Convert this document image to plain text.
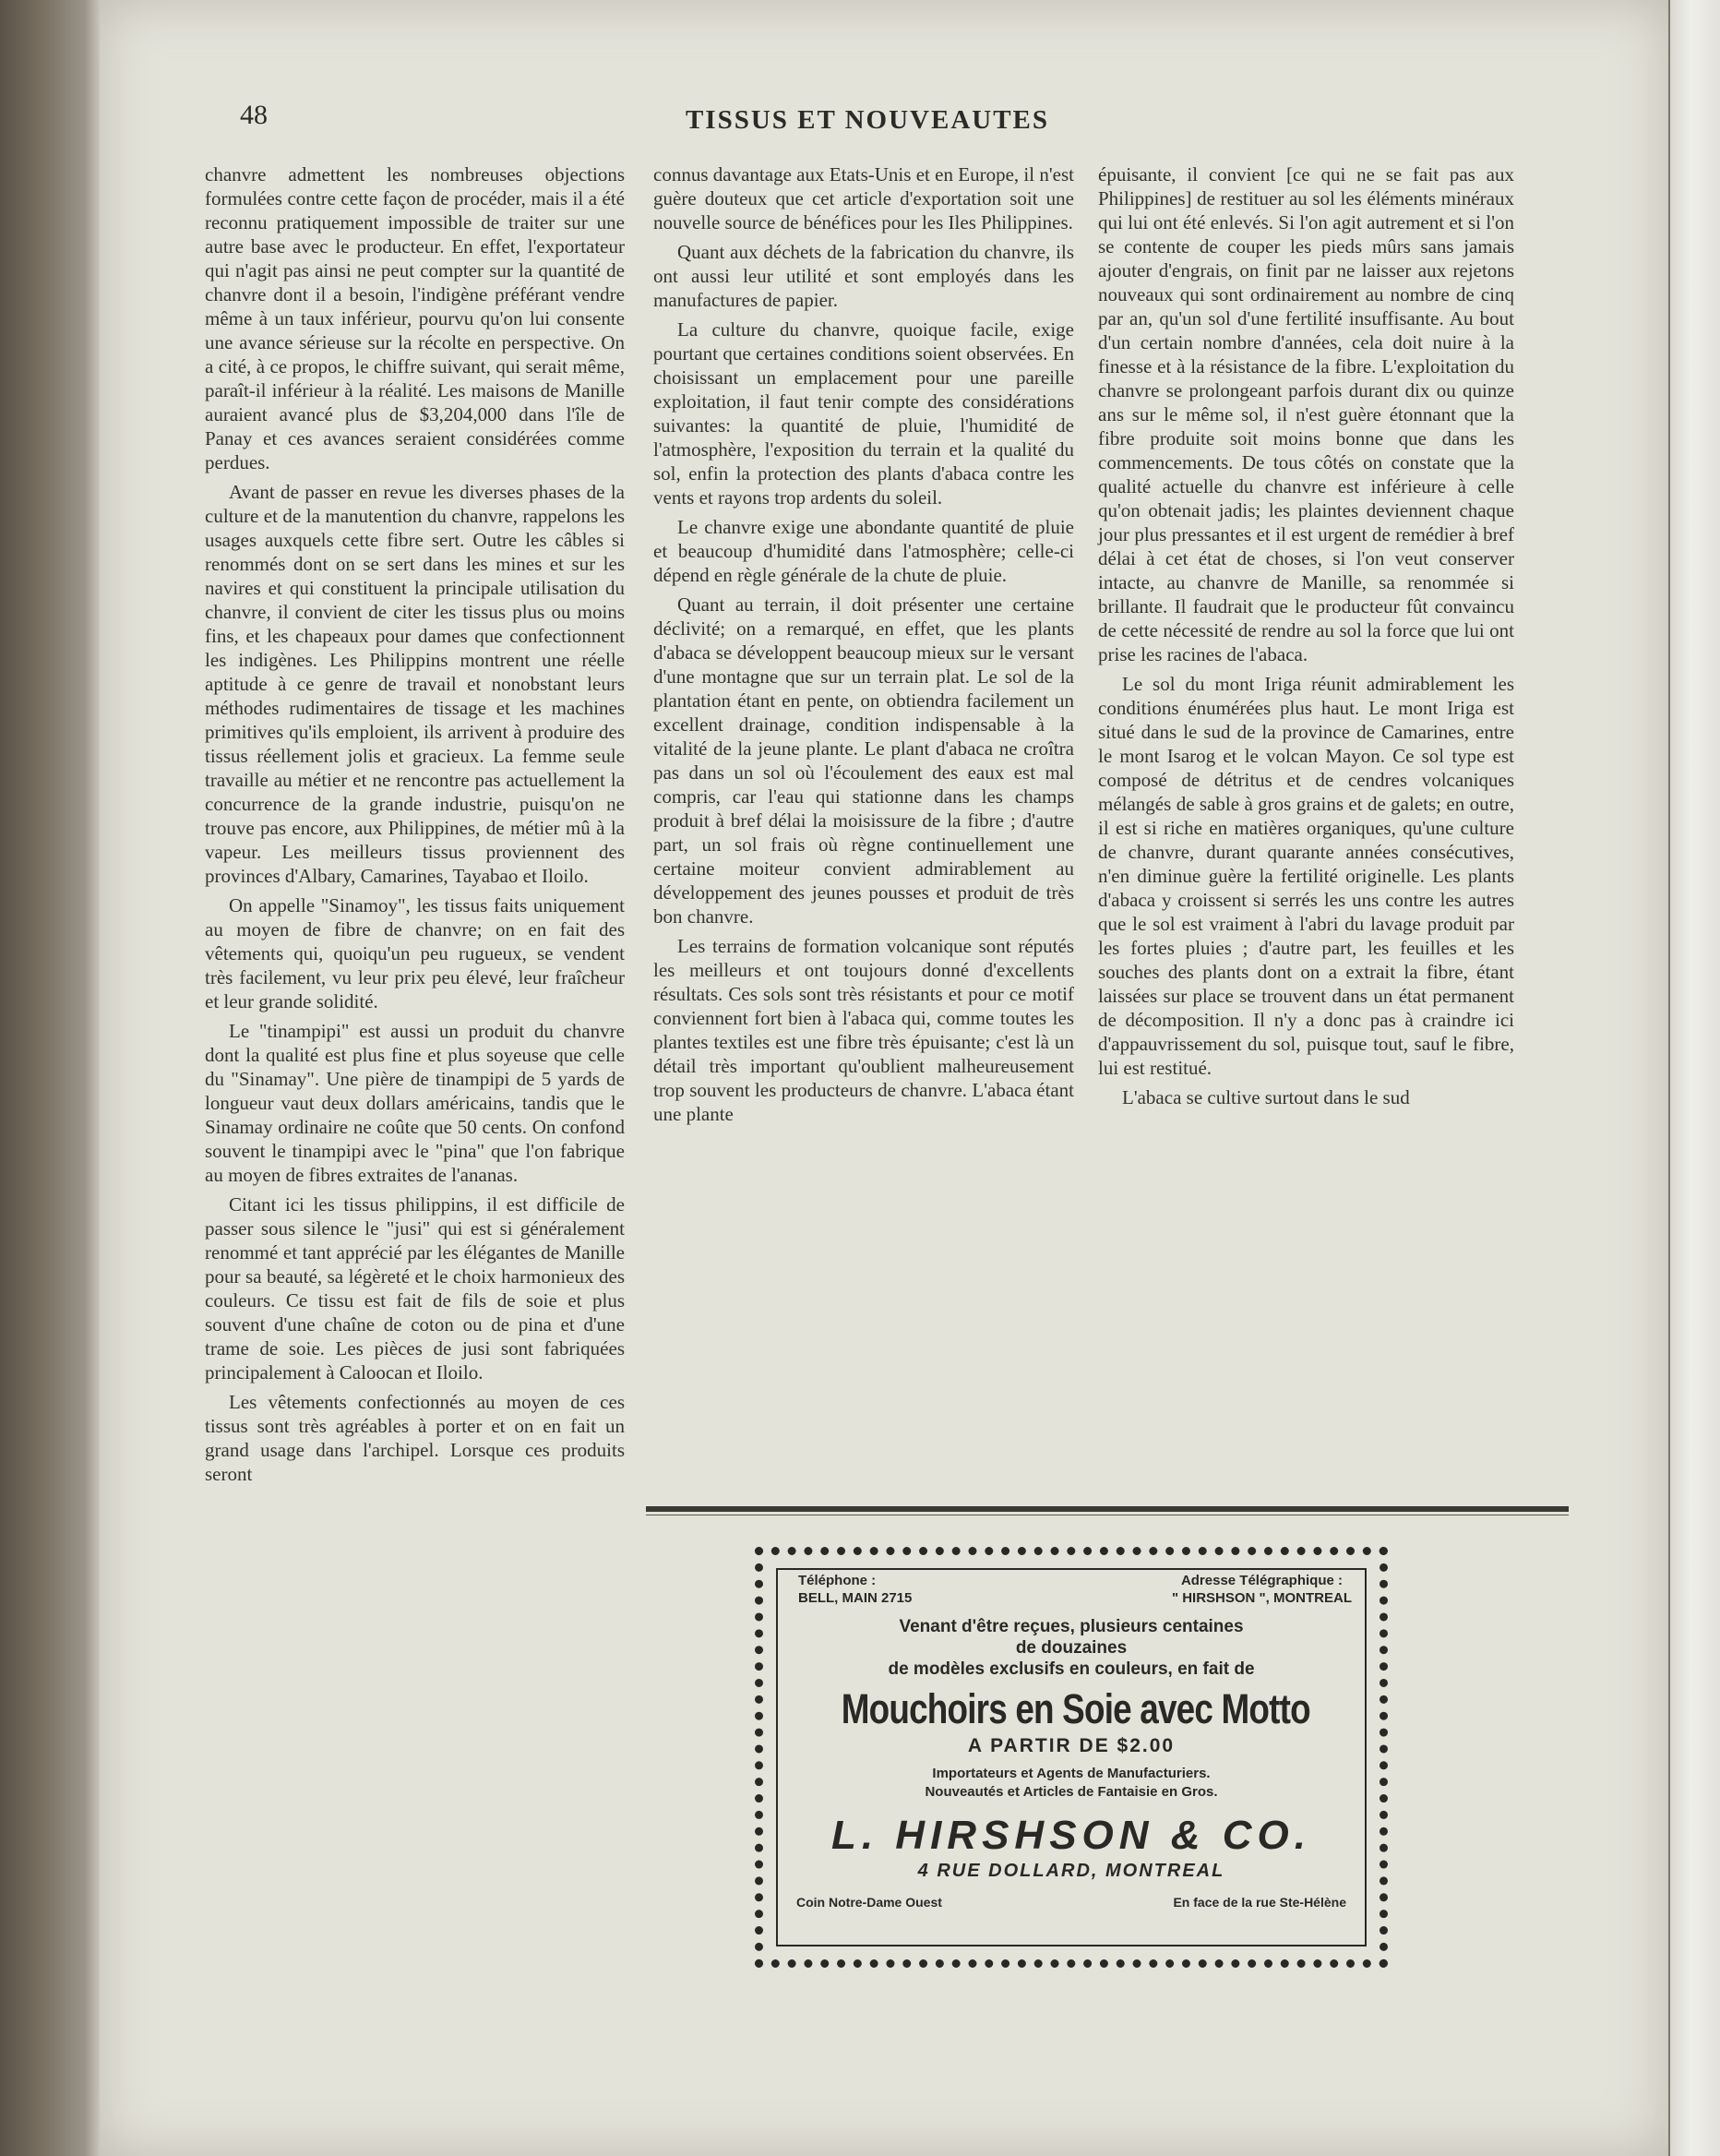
48	TISSUS ET NOUVEAUTES

chanvre admettent les nombreuses objections formulées contre cette façon de procéder, mais il a été reconnu pratiquement impossible de traiter sur une autre base avec le producteur. En effet, l'exportateur qui n'agit pas ainsi ne peut compter sur la quantité de chanvre dont il a besoin, l'indigène préférant vendre même à un taux inférieur, pourvu qu'on lui consente une avance sérieuse sur la récolte en perspective. On a cité, à ce propos, le chiffre suivant, qui serait même, paraît-il inférieur à la réalité. Les maisons de Manille auraient avancé plus de $3,204,000 dans l'île de Panay et ces avances seraient considérées comme perdues.

Avant de passer en revue les diverses phases de la culture et de la manutention du chanvre, rappelons les usages auxquels cette fibre sert. Outre les câbles si renommés dont on se sert dans les mines et sur les navires et qui constituent la principale utilisation du chanvre, il convient de citer les tissus plus ou moins fins, et les chapeaux pour dames que confectionnent les indigènes. Les Philippins montrent une réelle aptitude à ce genre de travail et nonobstant leurs méthodes rudimentaires de tissage et les machines primitives qu'ils emploient, ils arrivent à produire des tissus réellement jolis et gracieux. La femme seule travaille au métier et ne rencontre pas actuellement la concurrence de la grande industrie, puisqu'on ne trouve pas encore, aux Philippines, de métier mû à la vapeur. Les meilleurs tissus proviennent des provinces d'Albary, Camarines, Tayabao et Iloilo.

On appelle "Sinamoy", les tissus faits uniquement au moyen de fibre de chanvre; on en fait des vêtements qui, quoiqu'un peu rugueux, se vendent très facilement, vu leur prix peu élevé, leur fraîcheur et leur grande solidité.

Le "tinampipi" est aussi un produit du chanvre dont la qualité est plus fine et plus soyeuse que celle du "Sinamay". Une pière de tinampipi de 5 yards de longueur vaut deux dollars américains, tandis que le Sinamay ordinaire ne coûte que 50 cents. On confond souvent le tinampipi avec le "pina" que l'on fabrique au moyen de fibres extraites de l'ananas.

Citant ici les tissus philippins, il est difficile de passer sous silence le "jusi" qui est si généralement renommé et tant apprécié par les élégantes de Manille pour sa beauté, sa légèreté et le choix harmonieux des couleurs. Ce tissu est fait de fils de soie et plus souvent d'une chaîne de coton ou de pina et d'une trame de soie. Les pièces de jusi sont fabriquées principalement à Caloocan et Iloilo.

Les vêtements confectionnés au moyen de ces tissus sont très agréables à porter et on en fait un grand usage dans l'archipel. Lorsque ces produits seront

connus davantage aux Etats-Unis et en Europe, il n'est guère douteux que cet article d'exportation soit une nouvelle source de bénéfices pour les Iles Philippines.

Quant aux déchets de la fabrication du chanvre, ils ont aussi leur utilité et sont employés dans les manufactures de papier.

La culture du chanvre, quoique facile, exige pourtant que certaines conditions soient observées. En choisissant un emplacement pour une pareille exploitation, il faut tenir compte des considérations suivantes: la quantité de pluie, l'humidité de l'atmosphère, l'exposition du terrain et la qualité du sol, enfin la protection des plants d'abaca contre les vents et rayons trop ardents du soleil.

Le chanvre exige une abondante quantité de pluie et beaucoup d'humidité dans l'atmosphère; celle-ci dépend en règle générale de la chute de pluie.

Quant au terrain, il doit présenter une certaine déclivité; on a remarqué, en effet, que les plants d'abaca se développent beaucoup mieux sur le versant d'une montagne que sur un terrain plat. Le sol de la plantation étant en pente, on obtiendra facilement un excellent drainage, condition indispensable à la vitalité de la jeune plante. Le plant d'abaca ne croîtra pas dans un sol où l'écoulement des eaux est mal compris, car l'eau qui stationne dans les champs produit à bref délai la moisissure de la fibre ; d'autre part, un sol frais où règne continuellement une certaine moiteur convient admirablement au développement des jeunes pousses et produit de très bon chanvre.

Les terrains de formation volcanique sont réputés les meilleurs et ont toujours donné d'excellents résultats. Ces sols sont très résistants et pour ce motif conviennent fort bien à l'abaca qui, comme toutes les plantes textiles est une fibre très épuisante; c'est là un détail très important qu'oublient malheureusement trop souvent les producteurs de chanvre. L'abaca étant une plante

épuisante, il convient [ce qui ne se fait pas aux Philippines] de restituer au sol les éléments minéraux qui lui ont été enlevés. Si l'on agit autrement et si l'on se contente de couper les pieds mûrs sans jamais ajouter d'engrais, on finit par ne laisser aux rejetons nouveaux qui sont ordinairement au nombre de cinq par an, qu'un sol d'une fertilité insuffisante. Au bout d'un certain nombre d'années, cela doit nuire à la finesse et à la résistance de la fibre. L'exploitation du chanvre se prolongeant parfois durant dix ou quinze ans sur le même sol, il n'est guère étonnant que la fibre produite soit moins bonne que dans les commencements. De tous côtés on constate que la qualité actuelle du chanvre est inférieure à celle qu'on obtenait jadis; les plaintes deviennent chaque jour plus pressantes et il est urgent de remédier à bref délai à cet état de choses, si l'on veut conserver intacte, au chanvre de Manille, sa renommée si brillante. Il faudrait que le producteur fût convaincu de cette nécessité de rendre au sol la force que lui ont prise les racines de l'abaca.

Le sol du mont Iriga réunit admirablement les conditions énumérées plus haut. Le mont Iriga est situé dans le sud de la province de Camarines, entre le mont Isarog et le volcan Mayon. Ce sol type est composé de détritus et de cendres volcaniques mélangés de sable à gros grains et de galets; en outre, il est si riche en matières organiques, qu'une culture de chanvre, durant quarante années consécutives, n'en diminue guère la fertilité originelle. Les plants d'abaca y croissent si serrés les uns contre les autres que le sol est vraiment à l'abri du lavage produit par les fortes pluies ; d'autre part, les feuilles et les souches des plants dont on a extrait la fibre, étant laissées sur place se trouvent dans un état permanent de décomposition. Il n'y a donc pas à craindre ici d'appauvrissement du sol, puisque tout, sauf le fibre, lui est restitué.

L'abaca se cultive surtout dans le sud

Téléphone :
BELL, MAIN 2715
Adresse Télégraphique :
" HIRSHSON ", MONTREAL
Venant d'être reçues, plusieurs centaines
de douzaines
de modèles exclusifs en couleurs, en fait de
Mouchoirs en Soie avec Motto
A PARTIR DE $2.00
Importateurs et Agents de Manufacturiers.
Nouveautés et Articles de Fantaisie en Gros.
L. HIRSHSON & CO.
4 RUE DOLLARD, MONTREAL
Coin Notre-Dame Ouest	En face de la rue Ste-Hélène
